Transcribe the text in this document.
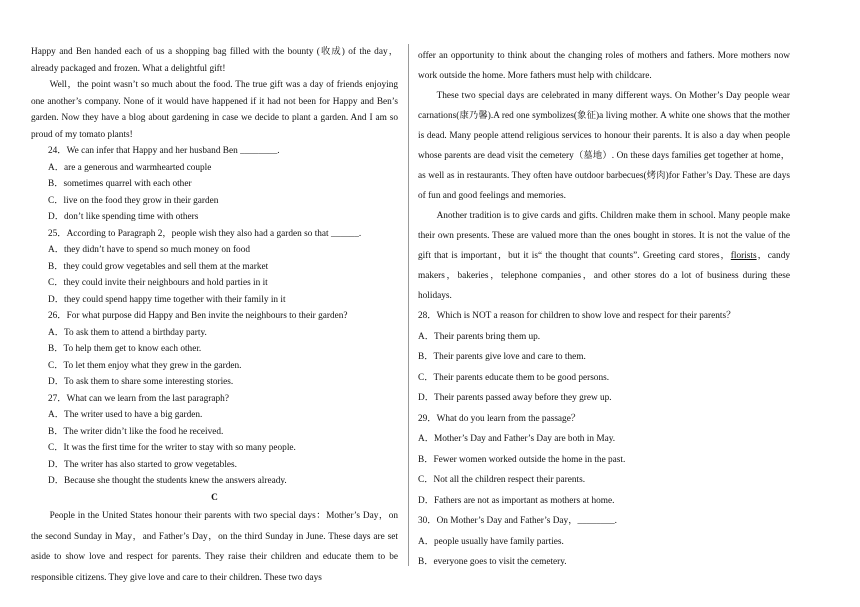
Happy and Ben handed each of us a shopping bag filled with the bounty (收成) of the day，already packaged and frozen. What a delightful gift!

Well，the point wasn’t so much about the food. The true gift was a day of friends enjoying one another’s company. None of it would have happened if it had not been for Happy and Ben’s garden. Now they have a blog about gardening in case we decide to plant a garden. And I am so proud of my tomato plants!

24．We can infer that Happy and her husband Ben ________.

A．are a generous and warmhearted couple

B．sometimes quarrel with each other

C．live on the food they grow in their garden

D．don’t like spending time with others

25．According to Paragraph 2，people wish they also had a garden so that ______.

A．they didn’t have to spend so much money on food

B．they could grow vegetables and sell them at the market

C．they could invite their neighbours and hold parties in it

D．they could spend happy time together with their family in it

26．For what purpose did Happy and Ben invite the neighbours to their garden?

A．To ask them to attend a birthday party.

B．To help them get to know each other.

C．To let them enjoy what they grew in the garden.

D．To ask them to share some interesting stories.

27．What can we learn from the last paragraph?

A．The writer used to have a big garden.

B．The writer didn’t like the food he received.

C．It was the first time for the writer to stay with so many people.

D．The writer has also started to grow vegetables.

D．Because she thought the students knew the answers already.

C

People in the United States honour their parents with two special days：Mother’s Day，on the second Sunday in May，and Father’s Day，on the third Sunday in June. These days are set aside to show love and respect for parents. They raise their children and educate them to be responsible citizens. They give love and care to their children. These two days

offer an opportunity to think about the changing roles of mothers and fathers. More mothers now work outside the home. More fathers must help with childcare.

These two special days are celebrated in many different ways. On Mother’s Day people wear carnations(康乃馨).A red one symbolizes(象征)a living mother. A white one shows that the mother is dead. Many people attend religious services to honour their parents. It is also a day when people whose parents are dead visit the cemetery（墓地）. On these days families get together at home，as well as in restaurants. They often have outdoor barbecues(烤肉)for Father’s Day. These are days of fun and good feelings and memories.

Another tradition is to give cards and gifts. Children make them in school. Many people make their own presents. These are valued more than the ones bought in stores. It is not the value of the gift that is important，but it is“ the thought that counts”. Greeting card stores，florists，candy makers，bakeries，telephone companies，and other stores do a lot of business during these holidays.

28．Which is NOT a reason for children to show love and respect for their parents？

A．Their parents bring them up.

B．Their parents give love and care to them.

C．Their parents educate them to be good persons.

D．Their parents passed away before they grew up.

29．What do you learn from the passage？

A．Mother’s Day and Father’s Day are both in May.

B．Fewer women worked outside the home in the past.

C．Not all the children respect their parents.

D．Fathers are not as important as mothers at home.

30．On Mother’s Day and Father’s Day，________.

A．people usually have family parties.

B．everyone goes to visit the cemetery.
